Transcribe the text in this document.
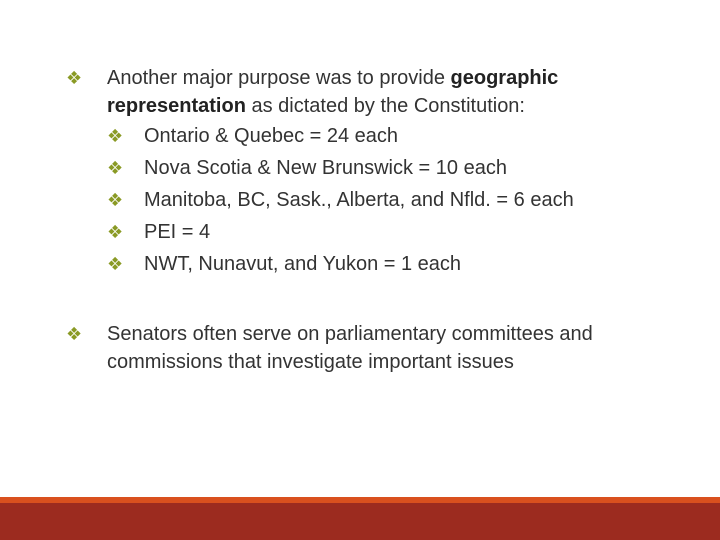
❖ Another major purpose was to provide geographic
representation as dictated by the Constitution:
❖ Ontario & Quebec = 24 each
❖ Nova Scotia & New Brunswick = 10 each
❖ Manitoba, BC, Sask., Alberta, and Nfld. = 6 each
❖ PEI = 4
❖ NWT, Nunavut, and Yukon = 1 each
❖ Senators often serve on parliamentary committees and
commissions that investigate important issues
